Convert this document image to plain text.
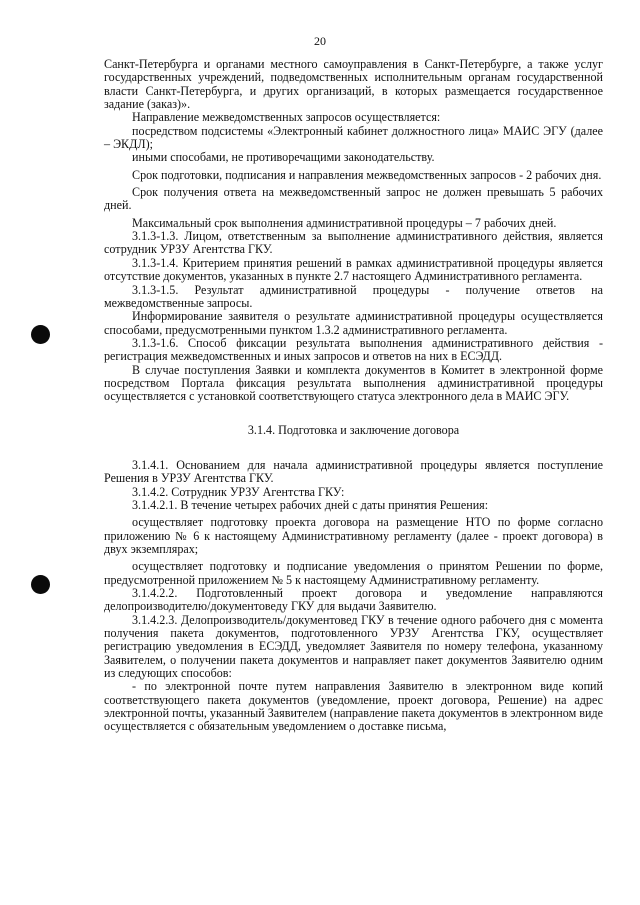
20

Санкт-Петербурга и органами местного самоуправления в Санкт-Петербурге, а также услуг государственных учреждений, подведомственных исполнительным органам государственной власти Санкт-Петербурга, и других организаций, в которых размещается государственное задание (заказ)».

Направление межведомственных запросов осуществляется:

посредством подсистемы «Электронный кабинет должностного лица» МАИС ЭГУ (далее – ЭКДЛ);

иными способами, не противоречащими законодательству.

Срок подготовки, подписания и направления межведомственных запросов - 2 рабочих дня.

Срок получения ответа на межведомственный запрос не должен превышать 5 рабочих дней.

Максимальный срок выполнения административной процедуры – 7 рабочих дней.

3.1.3-1.3. Лицом, ответственным за выполнение административного действия, является сотрудник УРЗУ Агентства ГКУ.

3.1.3-1.4. Критерием принятия решений в рамках административной процедуры является отсутствие документов, указанных в пункте 2.7 настоящего Административного регламента.

3.1.3-1.5. Результат административной процедуры - получение ответов на межведомственные запросы.

Информирование заявителя о результате административной процедуры осуществляется способами, предусмотренными пунктом 1.3.2 административного регламента.

3.1.3-1.6. Способ фиксации результата выполнения административного действия - регистрация межведомственных и иных запросов и ответов на них в ЕСЭДД.

В случае поступления Заявки и комплекта документов в Комитет в электронной форме посредством Портала фиксация результата выполнения административной процедуры осуществляется с установкой соответствующего статуса электронного дела в МАИС ЭГУ.

3.1.4. Подготовка и заключение договора

3.1.4.1. Основанием для начала административной процедуры является поступление Решения в УРЗУ Агентства ГКУ.

3.1.4.2. Сотрудник УРЗУ Агентства ГКУ:

3.1.4.2.1. В течение четырех рабочих дней с даты принятия Решения:

осуществляет подготовку проекта договора на размещение НТО по форме согласно приложению № 6 к настоящему Административному регламенту (далее - проект договора) в двух экземплярах;

осуществляет подготовку и подписание уведомления о принятом Решении по форме, предусмотренной приложением № 5 к настоящему Административному регламенту.

3.1.4.2.2. Подготовленный проект договора и уведомление направляются делопроизводителю/документоведу ГКУ для выдачи Заявителю.

3.1.4.2.3. Делопроизводитель/документовед ГКУ в течение одного рабочего дня с момента получения пакета документов, подготовленного УРЗУ Агентства ГКУ, осуществляет регистрацию уведомления в ЕСЭДД, уведомляет Заявителя по номеру телефона, указанному Заявителем, о получении пакета документов и направляет пакет документов Заявителю одним из следующих способов:

- по электронной почте путем направления Заявителю в электронном виде копий соответствующего пакета документов (уведомление, проект договора, Решение) на адрес электронной почты, указанный Заявителем (направление пакета документов в электронном виде осуществляется с обязательным уведомлением о доставке письма,
